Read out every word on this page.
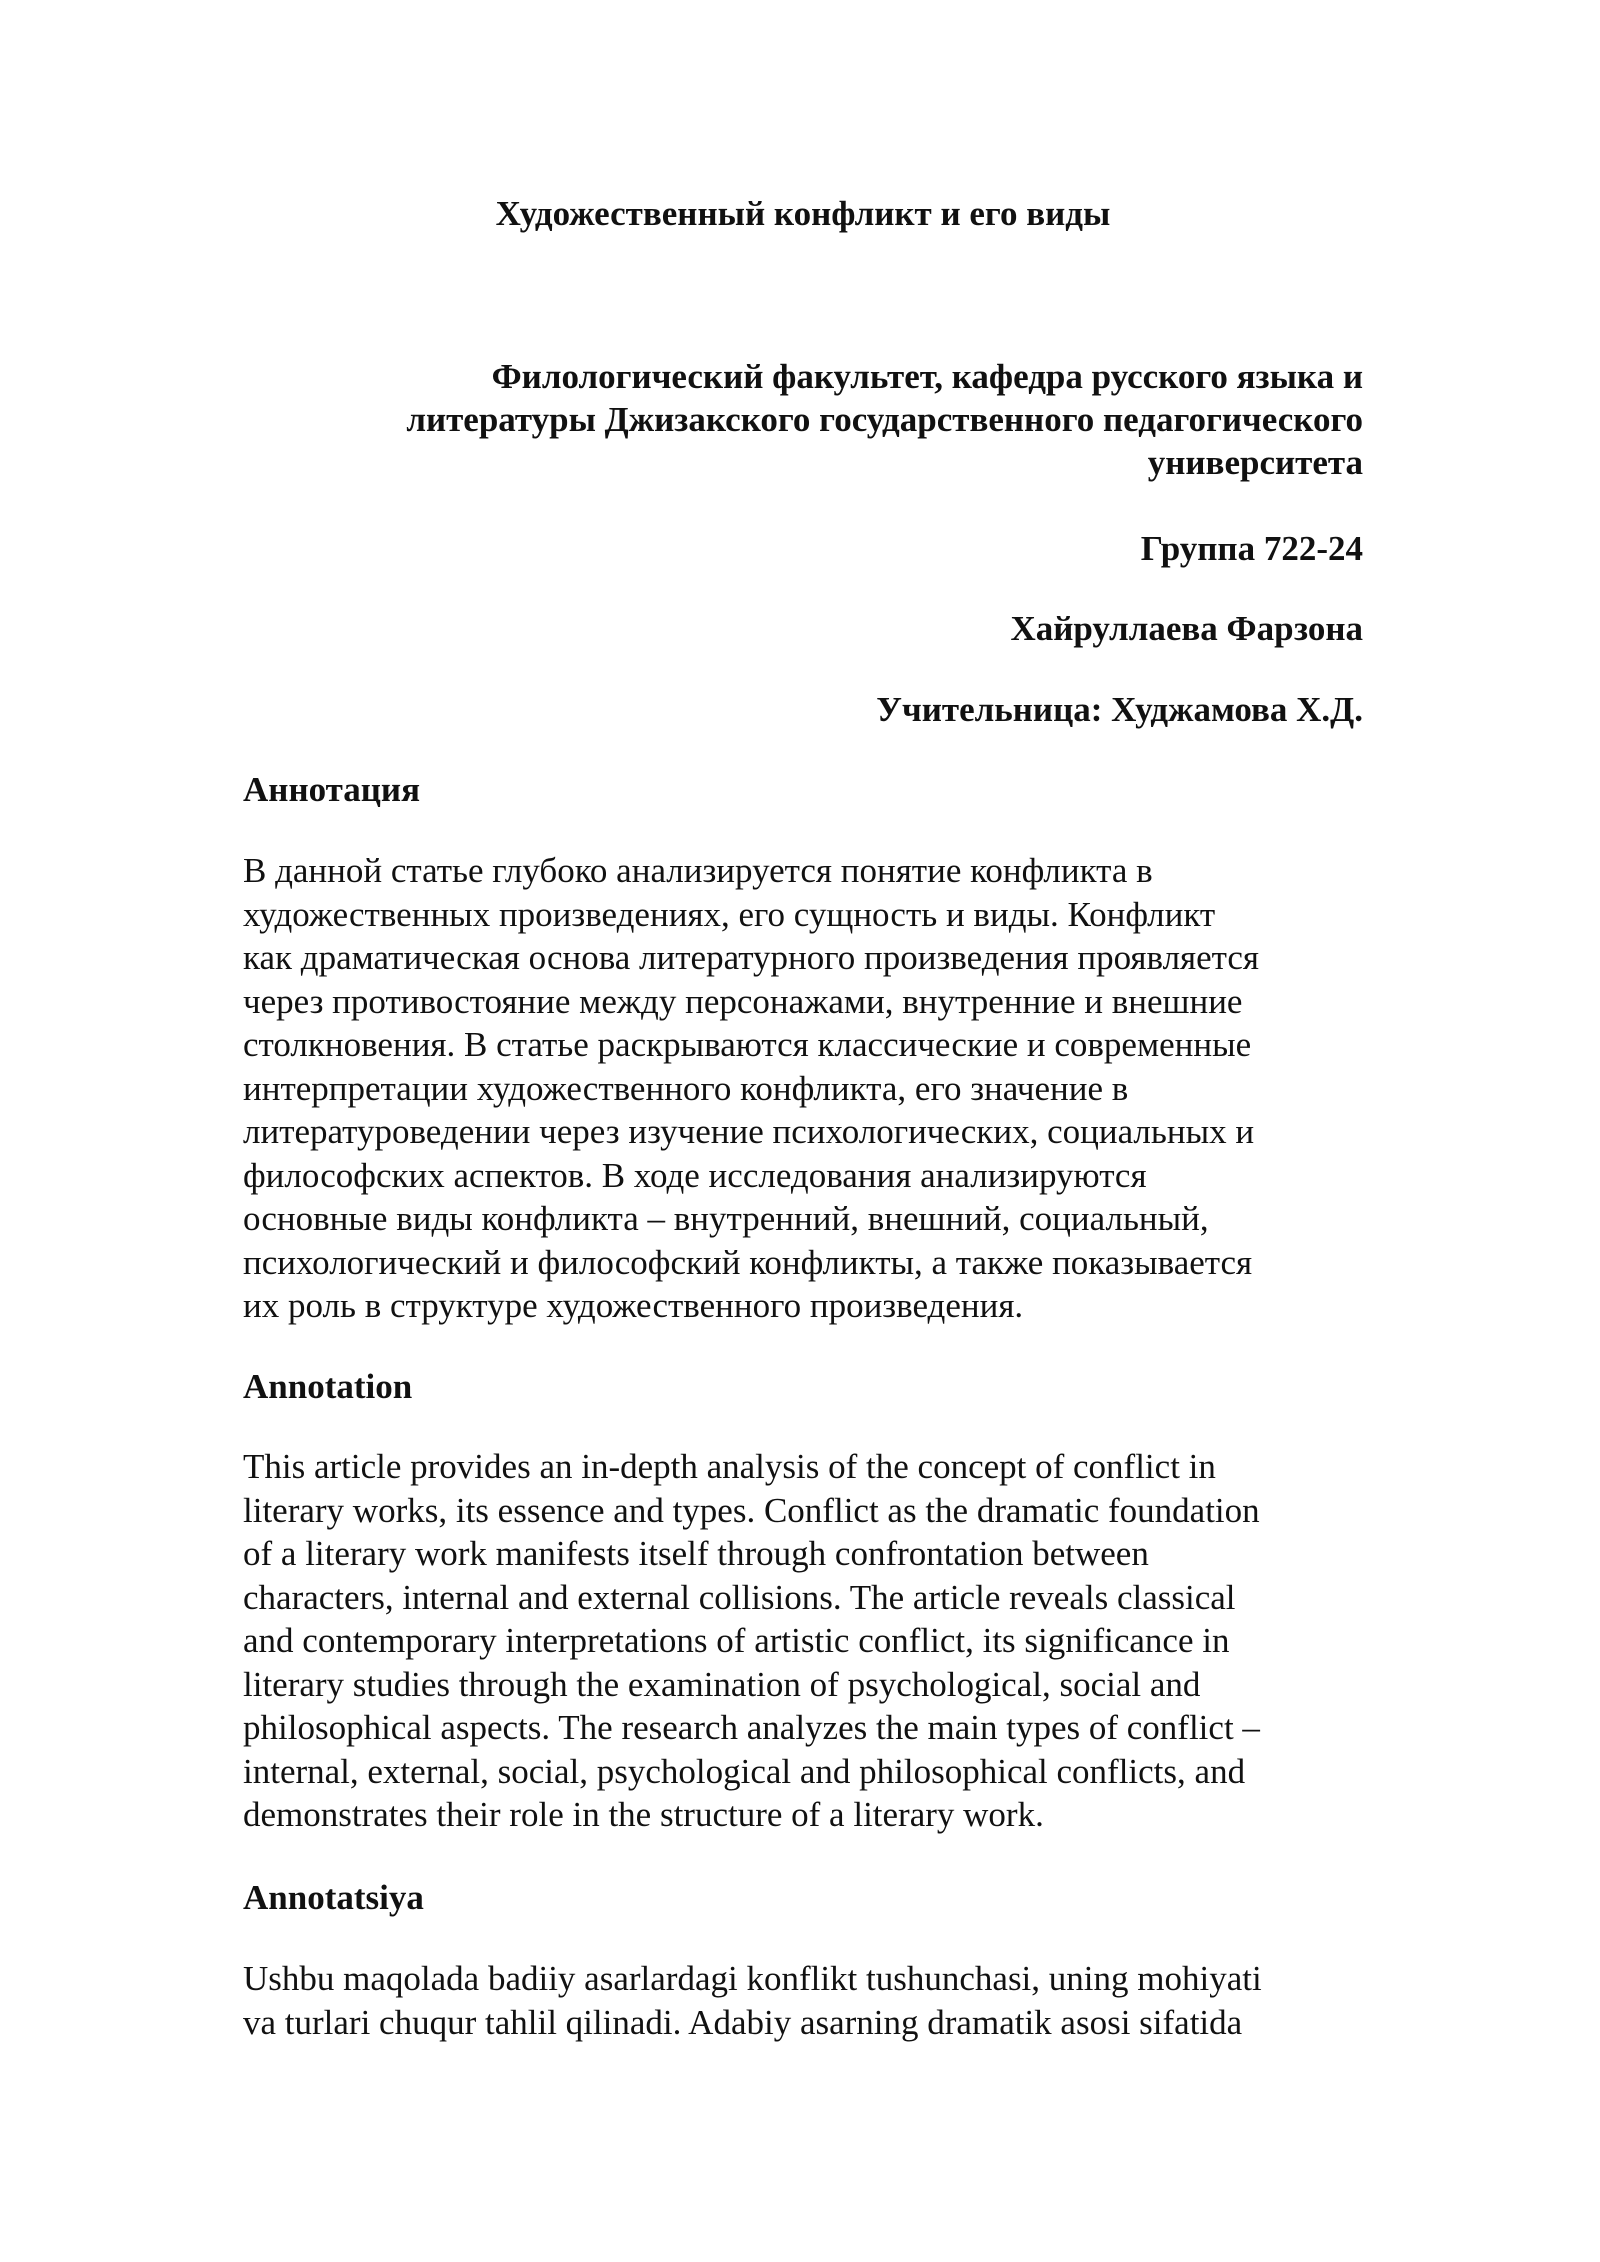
Художественный конфликт и его виды
Филологический факультет, кафедра русского языка и
литературы Джизакского государственного педагогического
университета
Группа 722-24
Хайруллаева Фарзона
Учительница: Худжамова Х.Д.
Аннотация
В данной статье глубоко анализируется понятие конфликта в
художественных произведениях, его сущность и виды. Конфликт
как драматическая основа литературного произведения проявляется
через противостояние между персонажами, внутренние и внешние
столкновения. В статье раскрываются классические и современные
интерпретации художественного конфликта, его значение в
литературоведении через изучение психологических, социальных и
философских аспектов. В ходе исследования анализируются
основные виды конфликта – внутренний, внешний, социальный,
психологический и философский конфликты, а также показывается
их роль в структуре художественного произведения.
Annotation
This article provides an in-depth analysis of the concept of conflict in
literary works, its essence and types. Conflict as the dramatic foundation
of a literary work manifests itself through confrontation between
characters, internal and external collisions. The article reveals classical
and contemporary interpretations of artistic conflict, its significance in
literary studies through the examination of psychological, social and
philosophical aspects. The research analyzes the main types of conflict –
internal, external, social, psychological and philosophical conflicts, and
demonstrates their role in the structure of a literary work.
Annotatsiya
Ushbu maqolada badiiy asarlardagi konflikt tushunchasi, uning mohiyati
va turlari chuqur tahlil qilinadi. Adabiy asarning dramatik asosi sifatida
